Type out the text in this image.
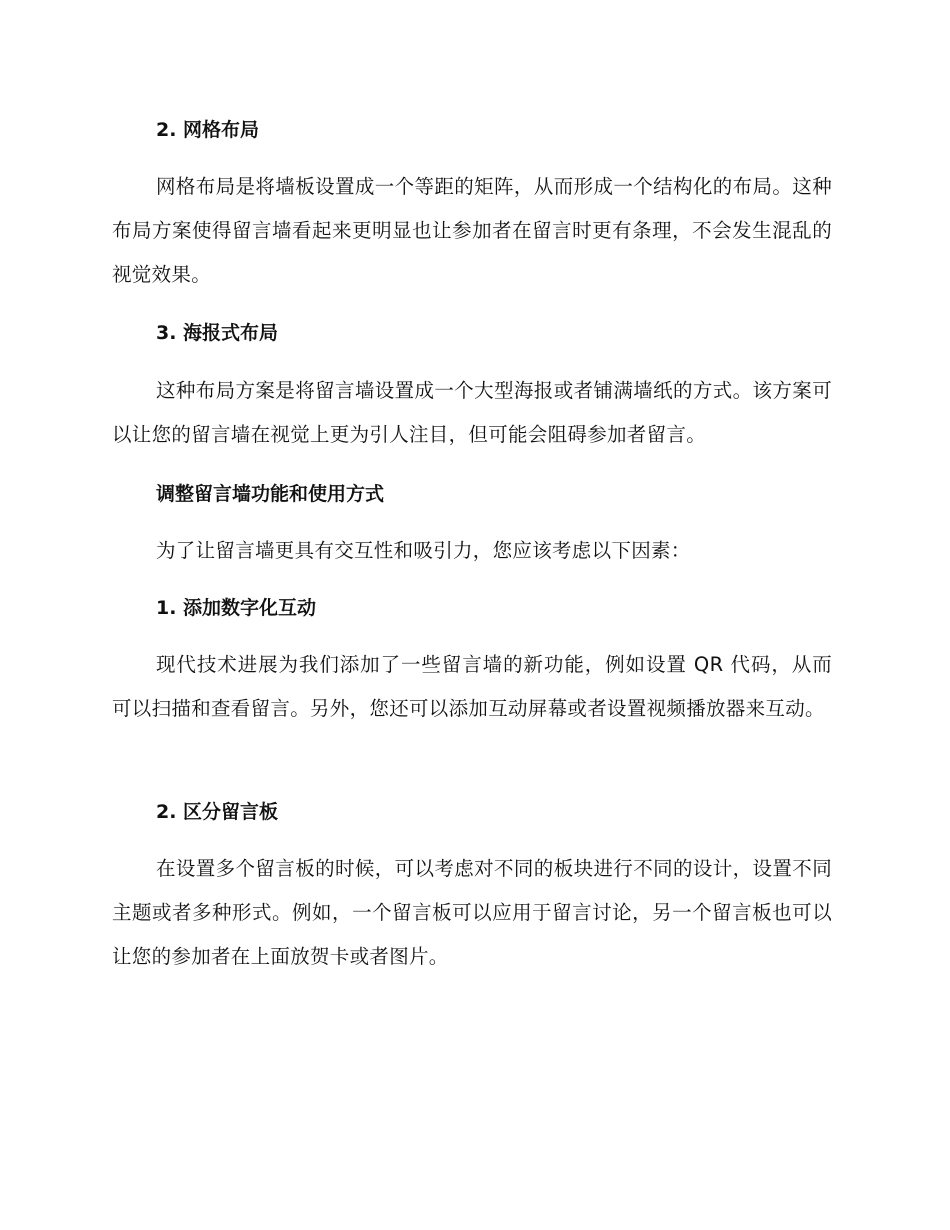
2. 网格布局

网格布局是将墙板设置成一个等距的矩阵，从而形成一个结构化的布局。这种布局方案使得留言墙看起来更明显也让参加者在留言时更有条理，不会发生混乱的视觉效果。

3. 海报式布局

这种布局方案是将留言墙设置成一个大型海报或者铺满墙纸的方式。该方案可以让您的留言墙在视觉上更为引人注目，但可能会阻碍参加者留言。

调整留言墙功能和使用方式

为了让留言墙更具有交互性和吸引力，您应该考虑以下因素：

1. 添加数字化互动

现代技术进展为我们添加了一些留言墙的新功能，例如设置 QR 代码，从而可以扫描和查看留言。另外，您还可以添加互动屏幕或者设置视频播放器来互动。

2. 区分留言板

在设置多个留言板的时候，可以考虑对不同的板块进行不同的设计，设置不同主题或者多种形式。例如，一个留言板可以应用于留言讨论，另一个留言板也可以让您的参加者在上面放贺卡或者图片。
